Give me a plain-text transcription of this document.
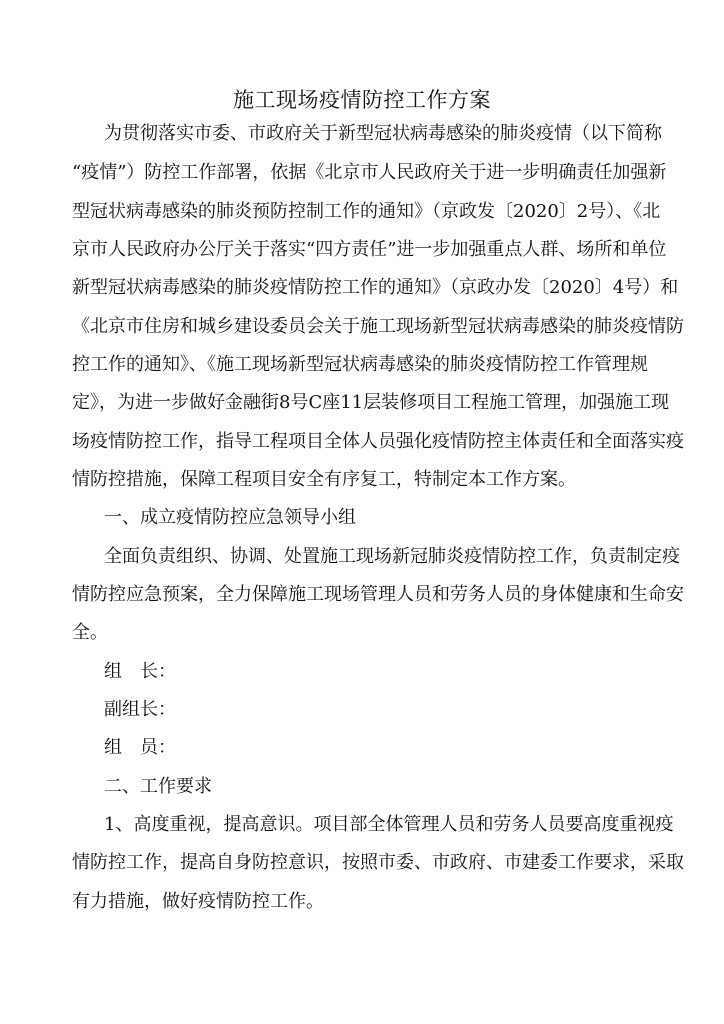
施工现场疫情防控工作方案
为贯彻落实市委、市政府关于新型冠状病毒感染的肺炎疫情（以下简称
“疫情”）防控工作部署，依据《北京市人民政府关于进一步明确责任加强新
型冠状病毒感染的肺炎预防控制工作的通知》（京政发〔2020〕2号）、《北
京市人民政府办公厅关于落实“四方责任”进一步加强重点人群、场所和单位
新型冠状病毒感染的肺炎疫情防控工作的通知》（京政办发〔2020〕4号）和
《北京市住房和城乡建设委员会关于施工现场新型冠状病毒感染的肺炎疫情防
控工作的通知》、《施工现场新型冠状病毒感染的肺炎疫情防控工作管理规
定》，为进一步做好金融街8号C座11层装修项目工程施工管理，加强施工现
场疫情防控工作，指导工程项目全体人员强化疫情防控主体责任和全面落实疫
情防控措施，保障工程项目安全有序复工，特制定本工作方案。
一、成立疫情防控应急领导小组
全面负责组织、协调、处置施工现场新冠肺炎疫情防控工作，负责制定疫
情防控应急预案，全力保障施工现场管理人员和劳务人员的身体健康和生命安
全。
组　长：
副组长：
组　员：
二、工作要求
1、高度重视，提高意识。项目部全体管理人员和劳务人员要高度重视疫
情防控工作，提高自身防控意识，按照市委、市政府、市建委工作要求，采取
有力措施，做好疫情防控工作。
